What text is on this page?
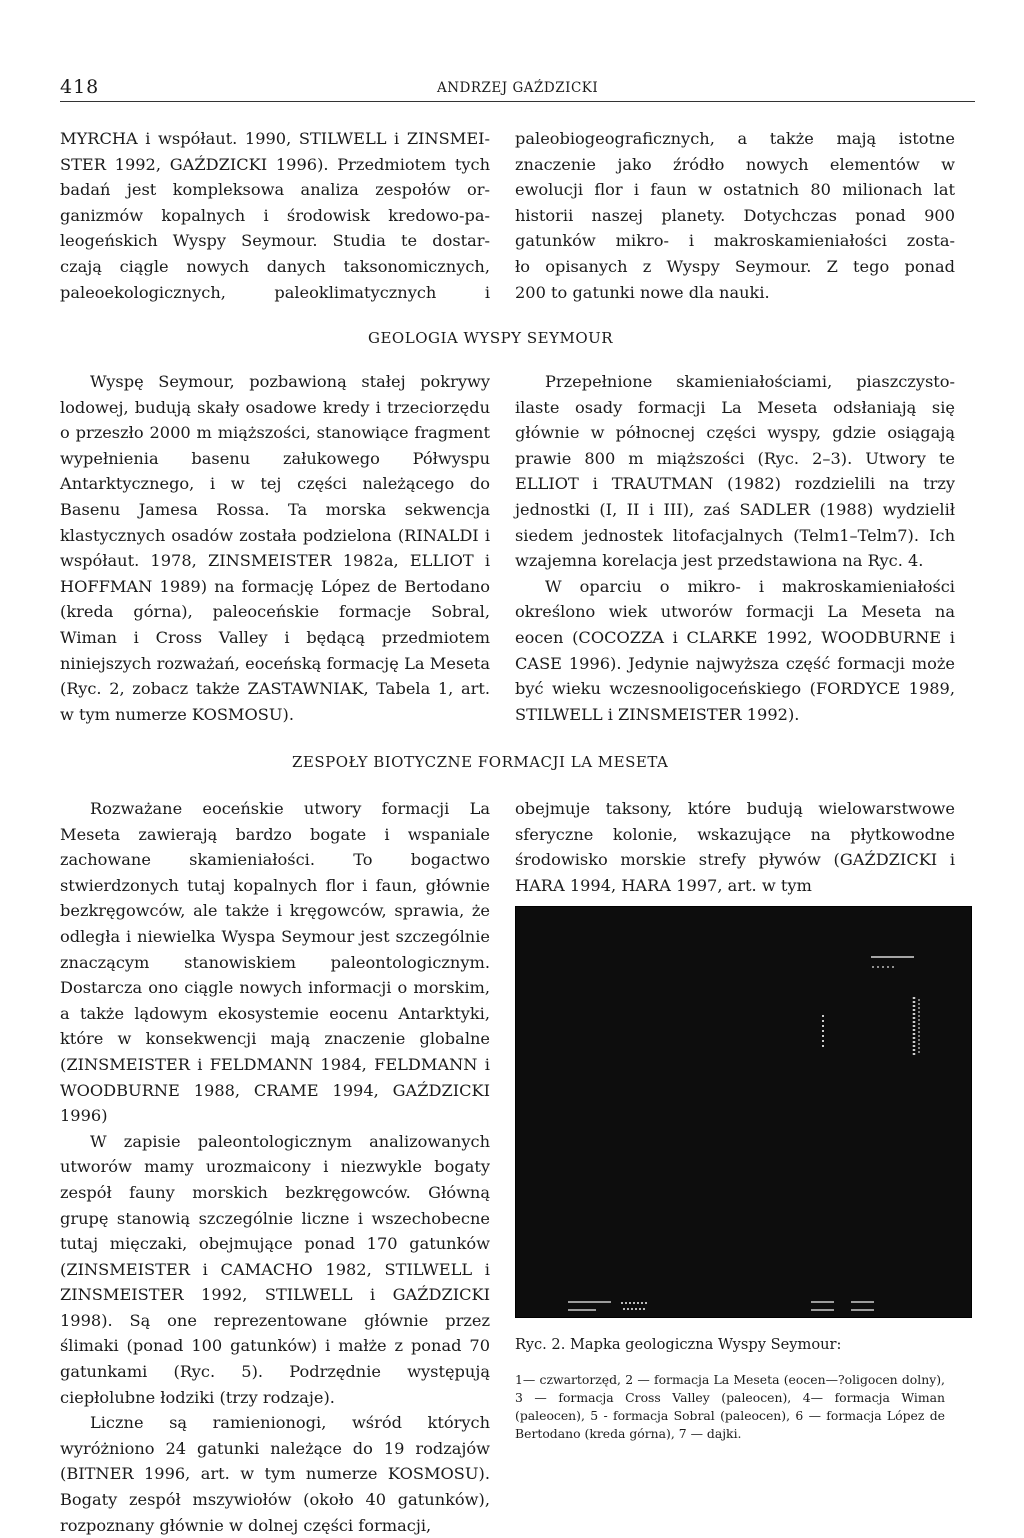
418	ANDRZEJ GAŹDZICKI

MYRCHA i współaut. 1990, STILWELL i ZINSMEI-

STER 1992, GAŹDZICKI 1996). Przedmiotem tych

badań jest kompleksowa analiza zespołów or-

ganizmów kopalnych i środowisk kredowo-pa-

leogeńskich Wyspy Seymour. Studia te dostar-

czają ciągle nowych danych taksonomicznych,

paleoekologicznych, paleoklimatycznych i

paleobiogeograficznych, a także mają istotne

znaczenie jako źródło nowych elementów w

ewolucji flor i faun w ostatnich 80 milionach lat

historii naszej planety. Dotychczas ponad 900

gatunków mikro- i makroskamieniałości zosta-

ło opisanych z Wyspy Seymour. Z tego ponad

200 to gatunki nowe dla nauki.

GEOLOGIA WYSPY SEYMOUR

Wyspę Seymour, pozbawioną stałej pokrywy lodowej, budują skały osadowe kredy i trzeciorzędu o przeszło 2000 m miąższości, stanowiące fragment wypełnienia basenu załukowego Półwyspu Antarktycznego, i w tej części należącego do Basenu Jamesa Rossa. Ta morska sekwencja klastycznych osadów została podzielona (RINALDI i współaut. 1978, ZINSMEISTER 1982a, ELLIOT i HOFFMAN 1989) na formację López de Bertodano (kreda górna), paleoceńskie formacje Sobral, Wiman i Cross Valley i będącą przedmiotem niniejszych rozważań, eoceńską formację La Meseta (Ryc. 2, zobacz także ZASTAWNIAK, Tabela 1, art. w tym numerze KOSMOSU).

Przepełnione skamieniałościami, piaszczysto-ilaste osady formacji La Meseta odsłaniają się głównie w północnej części wyspy, gdzie osiągają prawie 800 m miąższości (Ryc. 2–3). Utwory te ELLIOT i TRAUTMAN (1982) rozdzielili na trzy jednostki (I, II i III), zaś SADLER (1988) wydzielił siedem jednostek litofacjalnych (Telm1–Telm7). Ich wzajemna korelacja jest przedstawiona na Ryc. 4.

W oparciu o mikro- i makroskamieniałości określono wiek utworów formacji La Meseta na eocen (COCOZZA i CLARKE 1992, WOODBURNE i CASE 1996). Jedynie najwyższa część formacji może być wieku wczesnooligoceńskiego (FORDYCE 1989, STILWELL i ZINSMEISTER 1992).

ZESPOŁY BIOTYCZNE FORMACJI LA MESETA

Rozważane eoceńskie utwory formacji La Meseta zawierają bardzo bogate i wspaniale zachowane skamieniałości. To bogactwo stwierdzonych tutaj kopalnych flor i faun, głównie bezkręgowców, ale także i kręgowców, sprawia, że odległa i niewielka Wyspa Seymour jest szczególnie znaczącym stanowiskiem paleontologicznym. Dostarcza ono ciągle nowych informacji o morskim, a także lądowym ekosystemie eocenu Antarktyki, które w konsekwencji mają znaczenie globalne (ZINSMEISTER i FELDMANN 1984, FELDMANN i WOODBURNE 1988, CRAME 1994, GAŹDZICKI 1996)

W zapisie paleontologicznym analizowanych utworów mamy urozmaicony i niezwykle bogaty zespół fauny morskich bezkręgowców. Główną grupę stanowią szczególnie liczne i wszechobecne tutaj mięczaki, obejmujące ponad 170 gatunków (ZINSMEISTER i CAMACHO 1982, STILWELL i ZINSMEISTER 1992, STILWELL i GAŹDZICKI 1998). Są one reprezentowane głównie przez ślimaki (ponad 100 gatunków) i małże z ponad 70 gatunkami (Ryc. 5). Podrzędnie występują ciepłolubne łodziki (trzy rodzaje).

Liczne są ramienionogi, wśród których wyróżniono 24 gatunki należące do 19 rodzajów (BITNER 1996, art. w tym numerze KOSMOSU). Bogaty zespół mszywiołów (około 40 gatunków), rozpoznany głównie w dolnej części formacji,

obejmuje taksony, które budują wielowarstwowe sferyczne kolonie, wskazujące na płytkowodne środowisko morskie strefy pływów (GAŹDZICKI i HARA 1994, HARA 1997, art. w tym

Ryc. 2. Mapka geologiczna Wyspy Seymour:
1— czwartorzęd, 2 — formacja La Meseta (eocen—?oligocen dolny), 3 — formacja Cross Valley (paleocen), 4— formacja Wiman (paleocen), 5 - formacja Sobral (paleocen), 6 — formacja López de Bertodano (kreda górna), 7 — dajki.
